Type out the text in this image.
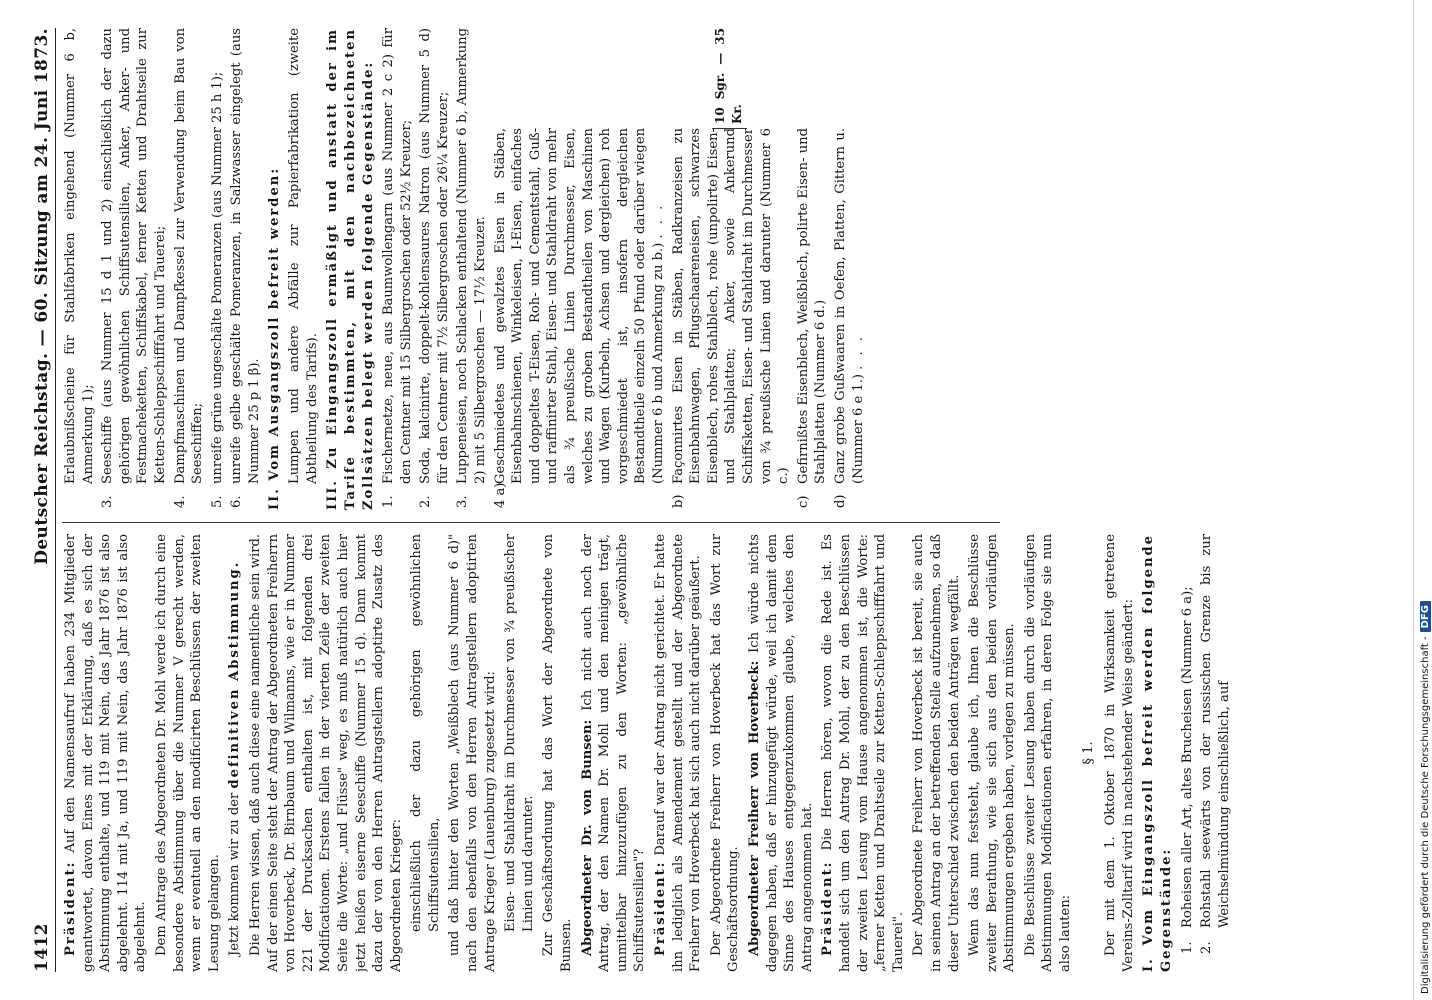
1412
Deutscher Reichstag. — 60. Sitzung am 24. Juni 1873.

Präsident: Auf den Namensaufruf haben 234 Mitglieder geantwortet, davon Eines mit der Erklärung, daß es sich der Abstimmung enthalte, und 119 mit Nein, das Jahr 1876 ist also abgelehnt. 114 mit Ja, und 119 mit Nein, das Jahr 1876 ist also abgelehnt. Dem Antrage des Abgeordneten Dr. Mohl werde ich durch eine besondere Abstimmung über die Nummer V gerecht werden, wenn er eventuell an den modificirten Beschlüssen der zweiten Lesung gelangen. Jetzt kommen wir zu der definitiven Abstimmung. Die Herren wissen, daß auch diese eine namentliche sein wird. Auf der einen Seite steht der Antrag der Abgeordneten Freiherrn von Hoverbeck, Dr. Birnbaum und Wilmanns, wie er in Nummer 221 der Drucksachen enthalten ist, mit folgenden drei Modificationen. Erstens fallen in der vierten Zeile der zweiten Seite die Worte: „und Flüsse" weg, es muß natürlich auch hier jetzt heißen eiserne Seeschiffe (Nummer 15 d). Dann kommt dazu der von den Herren Antragstellern adoptirte Zusatz des Abgeordneten Krieger: einschließlich der dazu gehörigen gewöhnlichen Schiffsutensilien, und daß hinter den Worten „Weißblech (aus Nummer 6 d)" nach den ebenfalls von den Herren Antragstellern adoptirten Antrage Krieger (Lauenburg) zugesetzt wird: Eisen- und Stahldraht im Durchmesser von ¾ preußischer Linien und darunter. Zur Geschäftsordnung hat das Wort der Abgeordnete von Bunsen. Abgeordneter Dr. von Bunsen: Ich nicht auch noch der Antrag, der den Namen Dr. Mohl und den meinigen trägt, unmittelbar hinzuzufügen zu den Worten: „gewöhnliche Schiffsutensilien"? Präsident: Darauf war der Antrag nicht gerichtet. Er hatte ihn lediglich als Amendement gestellt und der Abgeordnete Freiherr von Hoverbeck hat sich auch nicht darüber geäußert. Der Abgeordnete Freiherr von Hoverbeck hat das Wort zur Geschäftsordnung. Abgeordneter Freiherr von Hoverbeck: Ich würde nichts dagegen haben, daß er hinzugefügt würde, weil ich damit dem Sinne des Hauses entgegenzukommen glaube, welches den Antrag angenommen hat. Präsident: Die Herren hören, wovon die Rede ist. Es handelt sich um den Antrag Dr. Mohl, der zu den Beschlüssen der zweiten Lesung vom Hause angenommen ist, die Worte: „ferner Ketten und Drahtseile zur Ketten-Schleppschifffahrt und Tauerei". Der Abgeordnete Freiherr von Hoverbeck ist bereit, sie auch in seinen Antrag an der betreffenden Stelle aufzunehmen, so daß dieser Unterschied zwischen den beiden Anträgen wegfällt. Wenn das nun feststeht, glaube ich, Ihnen die Beschlüsse zweiter Berathung, wie sie sich aus den beiden vorläufigen Abstimmungen ergeben haben, vorlegen zu müssen. Die Beschlüsse zweiter Lesung haben durch die vorläufigen Abstimmungen Modificationen erfahren, in deren Folge sie nun also lauten:

§ 1. Der mit dem 1. Oktober 1870 in Wirksamkeit getretene Vereins-Zolltarif wird in nachstehender Weise geändert: I. Vom Eingangszoll befreit werden folgende Gegenstände: 1.
Roheisen aller Art, altes Brucheisen (Nummer 6 a);
2.
Rohstahl seewärts von der russischen Grenze bis zur Weichselmündung einschließlich, auf
Erlaubnißscheine für Stahlfabriken eingehend (Nummer 6 b, Anmerkung 1);
3.
Seeschiffe (aus Nummer 15 d 1 und 2) einschließlich der dazu gehörigen gewöhnlichen Schiffsutensilien, Anker, Anker- und Festmacheketten, Schiffskabel, ferner Ketten und Drahtseile zur Ketten-Schleppschifffahrt und Tauerei;
4.
Dampfmaschinen und Dampfkessel zur Verwendung beim Bau von Seeschiffen;
5.
unreife grüne ungeschälte Pomeranzen (aus Nummer 25 h 1);
6.
unreife gelbe geschälte Pomeranzen, in Salzwasser eingelegt (aus Nummer 25 p 1 β). II. Vom Ausgangszoll befreit werden: Lumpen und andere Abfälle zur Papierfabrikation (zweite Abtheilung des Tarifs). III. Zu Eingangszoll ermäßigt und anstatt der im Tarife bestimmten, mit den nachbezeichneten Zollsätzen belegt werden folgende Gegenstände: 1.
Fischernetze, neue, aus Baumwollengarn (aus Nummer 2 c 2) für den Centner mit 15 Silbergroschen oder 52½ Kreuzer;
2.
Soda, kalcinirte, doppelt-kohlensaures Natron (aus Nummer 5 d) für den Centner mit 7½ Silbergroschen oder 26¼ Kreuzer;
3.
Luppeneisen, noch Schlacken enthaltend (Nummer 6 b, Anmerkung 2) mit 5 Silbergroschen — 17½ Kreuzer.
4 a)
Geschmiedetes und gewalztes Eisen in Stäben, Eisenbahnschienen, Winkeleisen, I-Eisen, einfaches und doppeltes T-Eisen, Roh- und Cementstahl, Guß- und raffinirter Stahl, Eisen- und Stahldraht von mehr als ¾ preußische Linien Durchmesser, Eisen, welches zu groben Bestandtheilen von Maschinen und Wagen (Kurbeln, Achsen und dergleichen) roh vorgeschmiedet ist, insofern dergleichen Bestandtheile einzeln 50 Pfund oder darüber wiegen (Nummer 6 b und Anmerkung zu b.) . . .
b)
Façonnirtes Eisen in Stäben, Radkranzeisen zu Eisenbahnwagen, Pflugschaareneisen, schwarzes Eisenblech, rohes Stahlblech, rohe (unpolirte) Eisen- und Stahlplatten; Anker, sowie Ankerund Schiffsketten, Eisen- und Stahldraht im Durchmesser von ¾ preußische Linien und darunter (Nummer 6 c.)
c)
Gefirnißtes Eisenblech, Weißblech, polirte Eisen- und Stahlplatten (Nummer 6 d.)
d)
Ganz grobe Gußwaaren in Oefen, Platten, Gittern u. (Nummer 6 e 1.) . . .
10 Sgr. — 35 Kr.
Digitalisierung gefördert durch die Deutsche Forschungsgemeinschaft -
DFG
